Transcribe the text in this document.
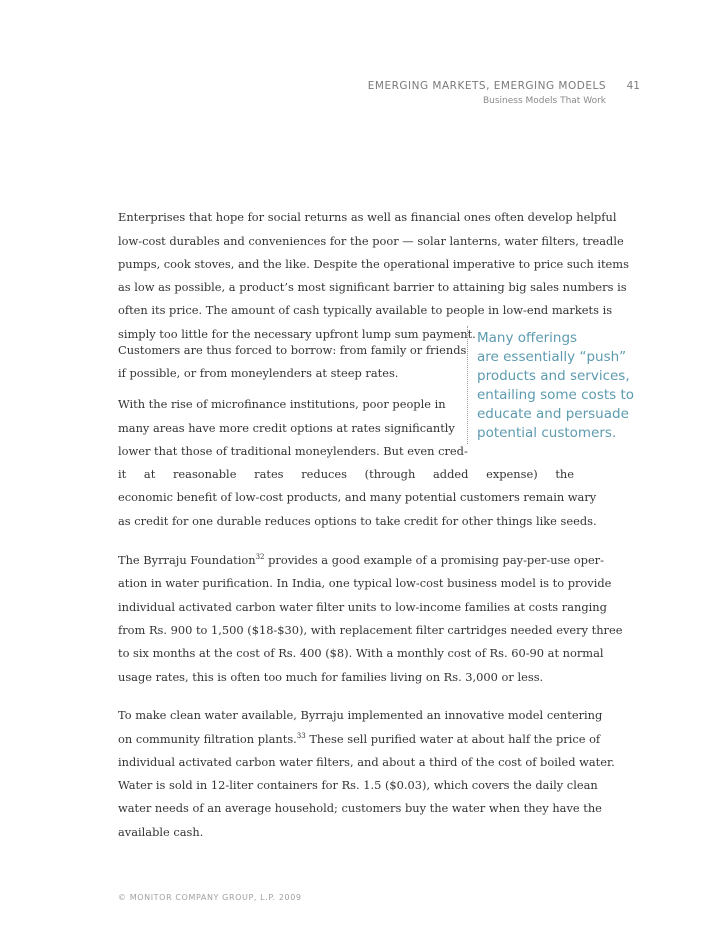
EMERGING MARKETS, EMERGING MODELS	41
Business Models That Work
Enterprises that hope for social returns as well as financial ones often develop helpful
low-cost durables and conveniences for the poor — solar lanterns, water filters, treadle
pumps, cook stoves, and the like. Despite the operational imperative to price such items
as low as possible, a product’s most significant barrier to attaining big sales numbers is
often its price. The amount of cash typically available to people in low-end markets is
simply too little for the necessary upfront lump sum payment.
Customers are thus forced to borrow: from family or friends
if possible, or from moneylenders at steep rates.
With the rise of microfinance institutions, poor people in
many areas have more credit options at rates significantly
lower that those of traditional moneylenders. But even cred-
it at reasonable rates reduces (through added expense) the
economic benefit of low-cost products, and many potential customers remain wary
as credit for one durable reduces options to take credit for other things like seeds.
The Byrraju Foundation$^{32}$ provides a good example of a promising pay-per-use oper-
ation in water purification. In India, one typical low-cost business model is to provide
individual activated carbon water filter units to low-income families at costs ranging
from Rs. 900 to 1,500 ($18-$30), with replacement filter cartridges needed every three
to six months at the cost of Rs. 400 ($8). With a monthly cost of Rs. 60-90 at normal
usage rates, this is often too much for families living on Rs. 3,000 or less.
To make clean water available, Byrraju implemented an innovative model centering
on community filtration plants.$^{33}$ These sell purified water at about half the price of
individual activated carbon water filters, and about a third of the cost of boiled water.
Water is sold in 12-liter containers for Rs. 1.5 ($0.03), which covers the daily clean
water needs of an average household; customers buy the water when they have the
available cash.
Many offerings
are essentially “push”
products and services,
entailing some costs to
educate and persuade
potential customers.
© MONITOR COMPANY GROUP, L.P. 2009
